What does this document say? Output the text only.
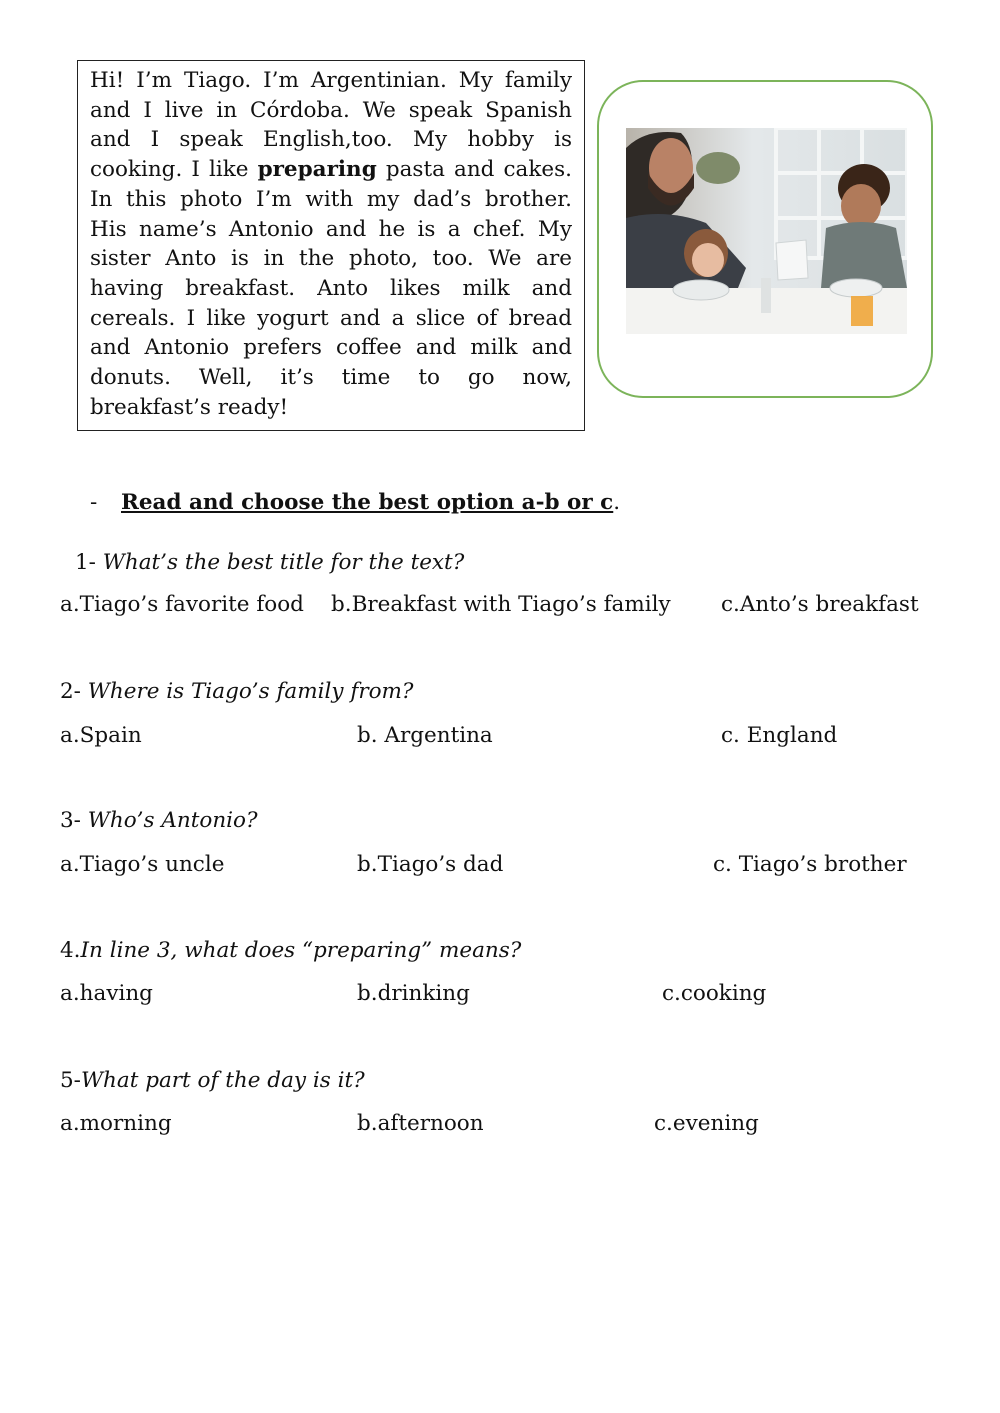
Hi! I’m Tiago. I’m Argentinian. My family
and I live in Córdoba. We speak Spanish
and I speak English,too. My hobby is
cooking. I like preparing pasta and cakes.
In this photo I’m with my dad’s brother.
His name’s Antonio and he is a chef. My
sister Anto is in the photo, too. We are
having breakfast. Anto likes milk and
cereals. I like yogurt and a slice of bread
and Antonio prefers coffee and milk and
donuts. Well, it’s time to go now,
breakfast’s ready!
- Read and choose the best option a-b or c.
1- What’s the best title for the text?
a.Tiago’s favorite food b.Breakfast with Tiago’s family c.Anto’s breakfast
2- Where is Tiago’s family from?
a.Spain	b. Argentina	c. England
3- Who’s Antonio?
a.Tiago’s uncle	b.Tiago’s dad	c. Tiago’s brother
4.In line 3, what does “preparing” means?
a.having	b.drinking	c.cooking
5-What part of the day is it?
a.morning	b.afternoon	c.evening
